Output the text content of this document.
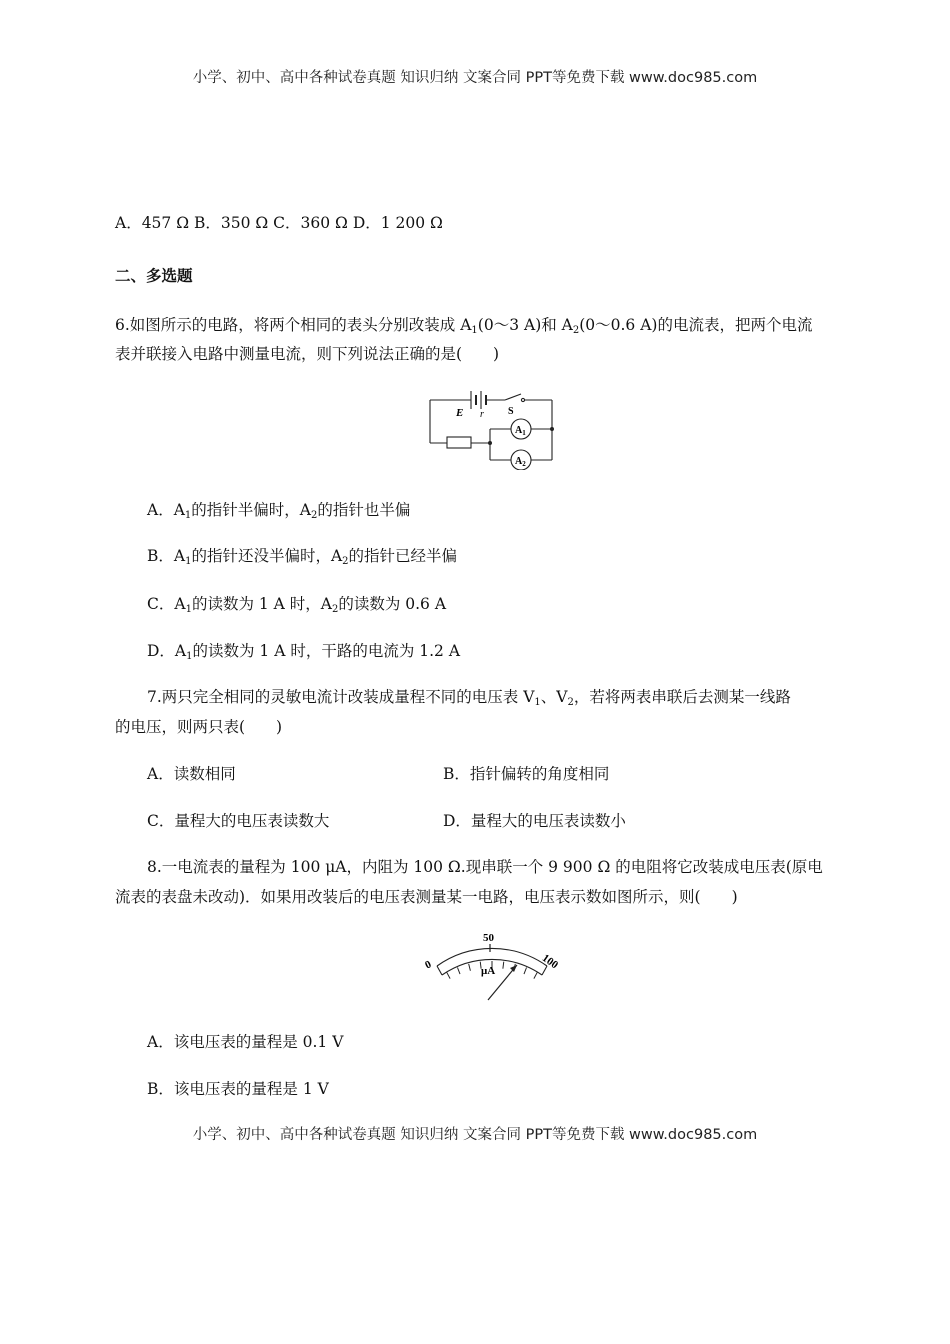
小学、初中、高中各种试卷真题 知识归纳 文案合同 PPT等免费下载 www.doc985.com
A．457 Ω B．350 Ω C．360 Ω D．1 200 Ω
二、多选题
6.如图所示的电路，将两个相同的表头分别改装成 $A_1(0\sim 3$ A)和 $A_2(0\sim 0.6$ A)的电流表，把两个电流
表并联接入电路中测量电流，则下列说法正确的是(　　)
E r S
$A_1$
$A_2$
A．$A_1$的指针半偏时，$A_2$的指针也半偏
B．$A_1$的指针还没半偏时，$A_2$的指针已经半偏
C．$A_1$的读数为 1 A 时，$A_2$的读数为 0.6 A
D．$A_1$的读数为 1 A 时，干路的电流为 1.2 A
7.两只完全相同的灵敏电流计改装成量程不同的电压表 $V_1$、$V_2$，若将两表串联后去测某一线路
的电压，则两只表(　　)
A．读数相同	B．指针偏转的角度相同
C．量程大的电压表读数大	D．量程大的电压表读数小
8.一电流表的量程为 100 μA，内阻为 100 Ω.现串联一个 9 900 Ω 的电阻将它改装成电压表(原电
流表的表盘未改动)．如果用改装后的电压表测量某一电路，电压表示数如图所示，则(　　)
0
50
100
μA
A．该电压表的量程是 0.1 V
B．该电压表的量程是 1 V
小学、初中、高中各种试卷真题 知识归纳 文案合同 PPT等免费下载 www.doc985.com
